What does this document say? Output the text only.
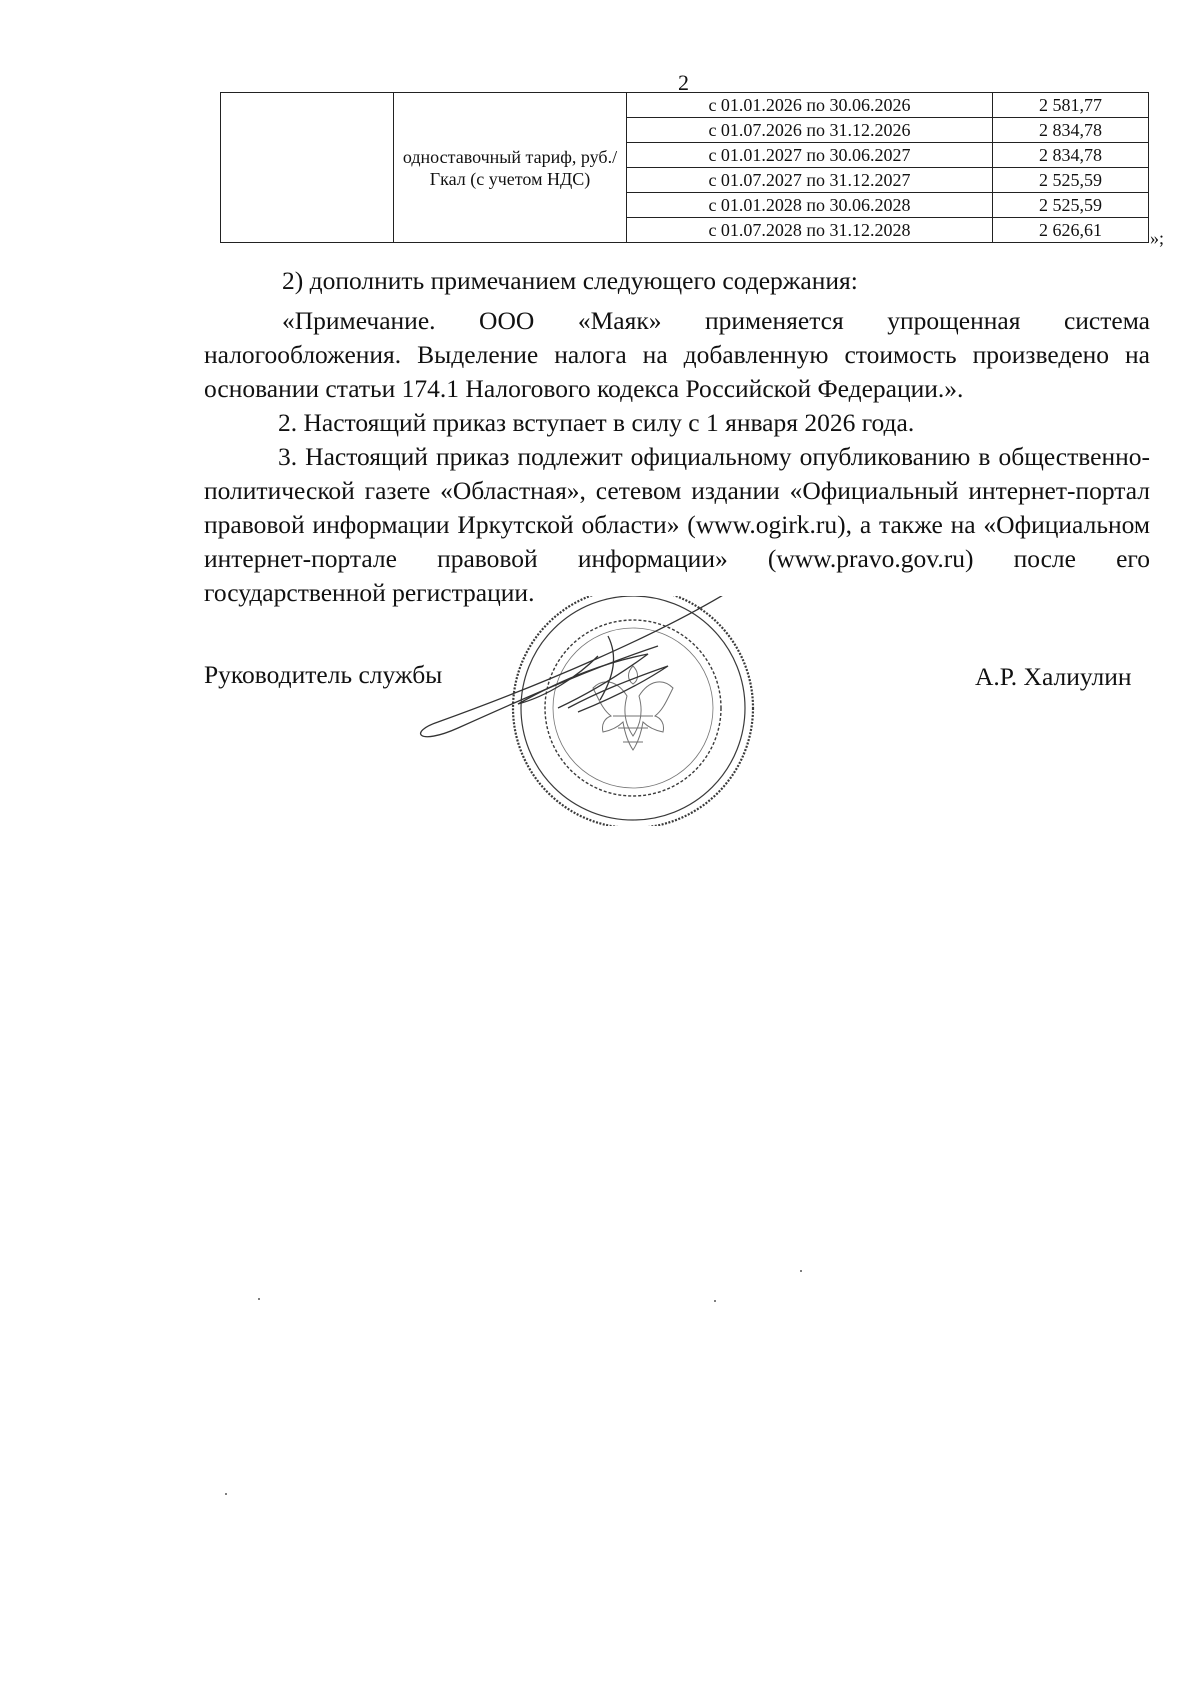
2
	одноставочный тариф, руб./Гкал (с учетом НДС)	с 01.01.2026 по 30.06.2026	2 581,77
		с 01.07.2026 по 31.12.2026	2 834,78
		с 01.01.2027 по 30.06.2027	2 834,78
		с 01.07.2027 по 31.12.2027	2 525,59
		с 01.01.2028 по 30.06.2028	2 525,59
		с 01.07.2028 по 31.12.2028	2 626,61	»;

2) дополнить примечанием следующего содержания:

«Примечание. ООО «Маяк» применяется упрощенная система налогообложения. Выделение налога на добавленную стоимость произведено на основании статьи 174.1 Налогового кодекса Российской Федерации.».

2. Настоящий приказ вступает в силу с 1 января 2026 года.

3. Настоящий приказ подлежит официальному опубликованию в общественно-политической газете «Областная», сетевом издании «Официальный интернет-портал правовой информации Иркутской области» (www.ogirk.ru), а также на «Официальном интернет-портале правовой информации» (www.pravo.gov.ru) после его государственной регистрации.

Руководитель службы	А.Р. Халиулин
